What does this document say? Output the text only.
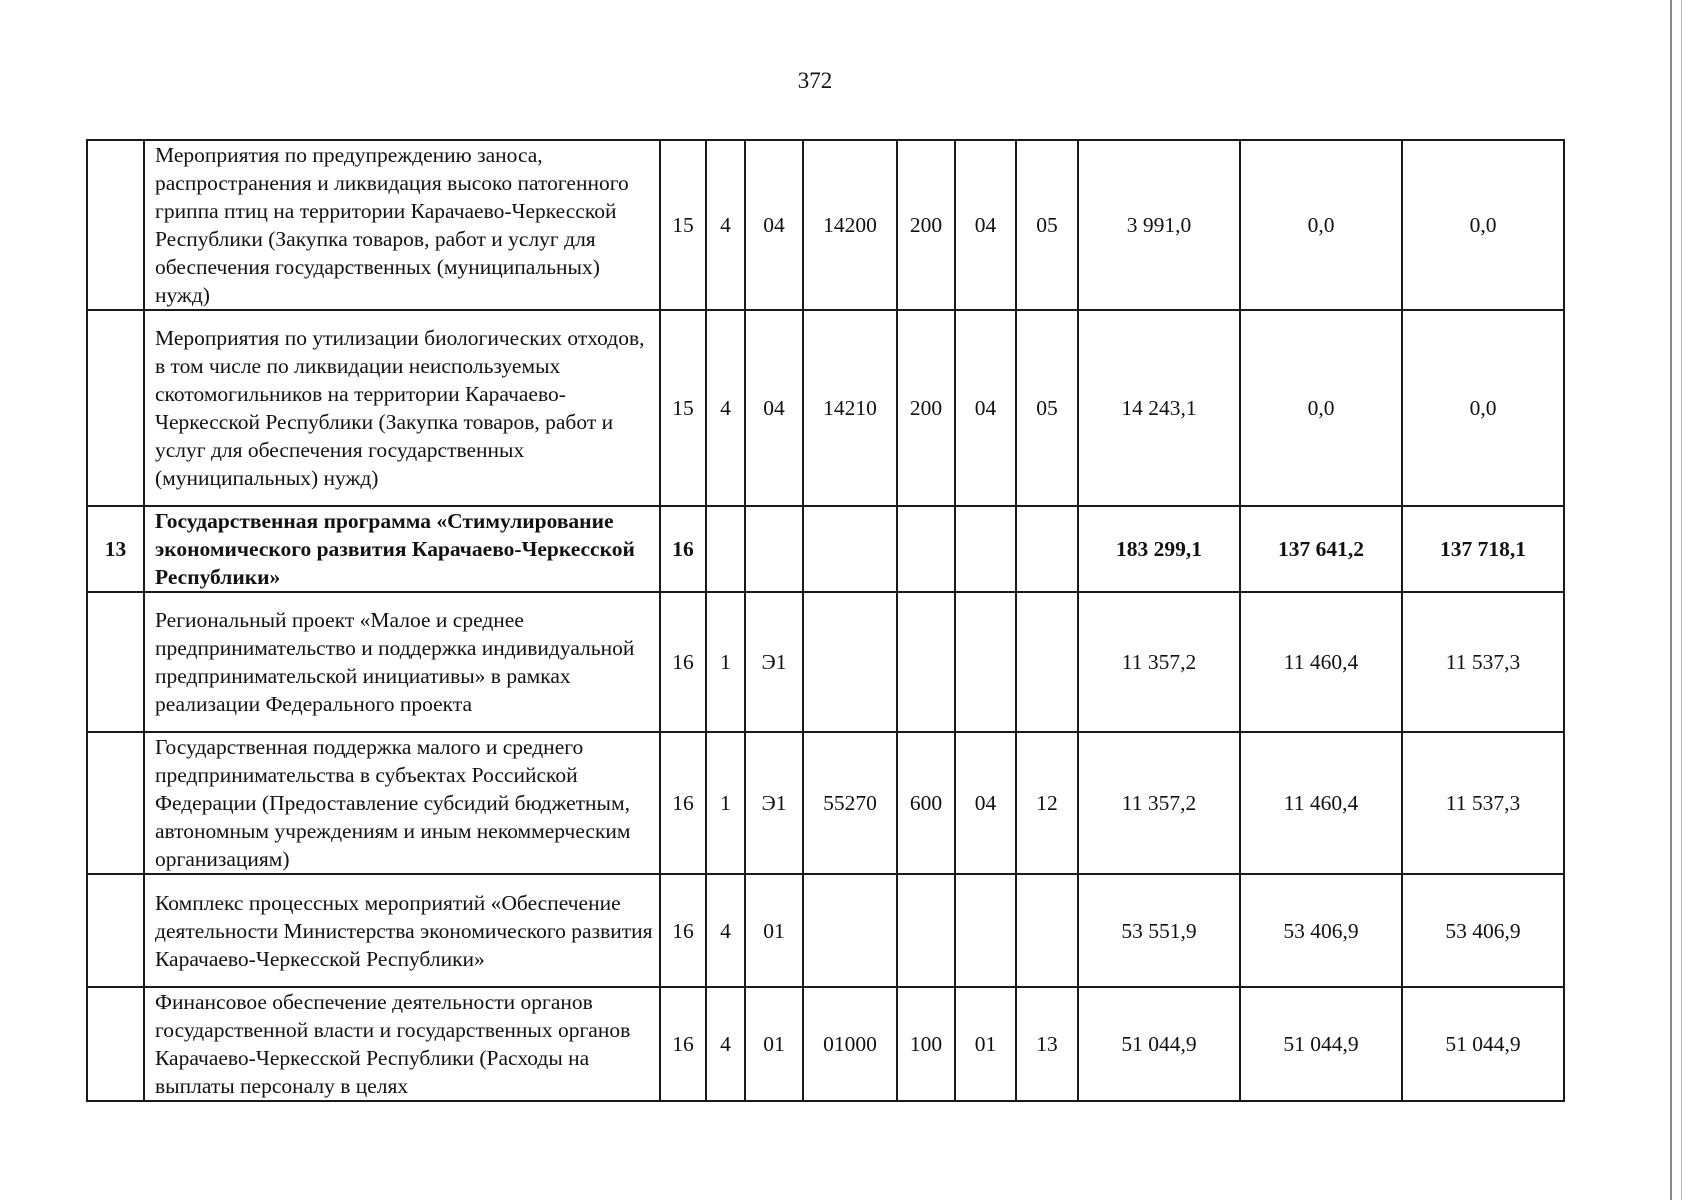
372
	Мероприятия по предупреждению заноса, распространения и ликвидация высоко патогенного гриппа птиц на территории Карачаево-Черкесской Республики (Закупка товаров, работ и услуг для обеспечения государственных (муниципальных) нужд)	15	4	04	14200	200	04	05	3 991,0	0,0	0,0
	Мероприятия по утилизации биологических отходов, в том числе по ликвидации неиспользуемых скотомогильников на территории Карачаево-Черкесской Республики (Закупка товаров, работ и услуг для обеспечения государственных (муниципальных) нужд)	15	4	04	14210	200	04	05	14 243,1	0,0	0,0
13	Государственная программа «Стимулирование экономического развития Карачаево-Черкесской Республики»	16							183 299,1	137 641,2	137 718,1
	Региональный проект «Малое и среднее предпринимательство и поддержка индивидуальной предпринимательской инициативы» в рамках реализации Федерального проекта	16	1	Э1					11 357,2	11 460,4	11 537,3
	Государственная поддержка малого и среднего предпринимательства в субъектах Российской Федерации (Предоставление субсидий бюджетным, автономным учреждениям и иным некоммерческим организациям)	16	1	Э1	55270	600	04	12	11 357,2	11 460,4	11 537,3
	Комплекс процессных мероприятий «Обеспечение деятельности Министерства экономического развития Карачаево-Черкесской Республики»	16	4	01					53 551,9	53 406,9	53 406,9
	Финансовое обеспечение деятельности органов государственной власти и государственных органов Карачаево-Черкесской Республики (Расходы на выплаты персоналу в целях	16	4	01	01000	100	01	13	51 044,9	51 044,9	51 044,9
